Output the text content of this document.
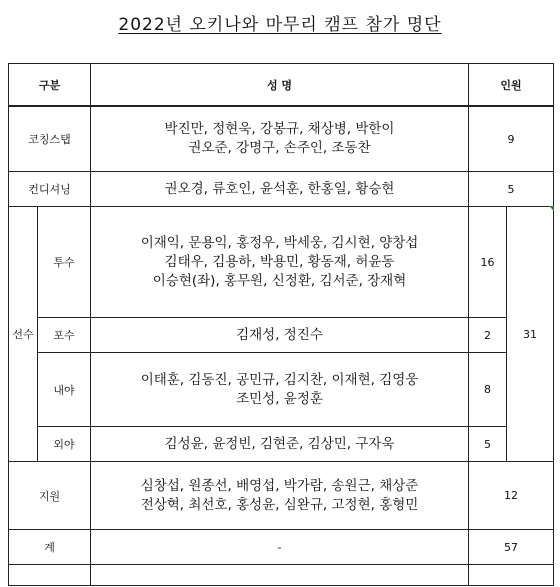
2022년 오키나와 마무리 캠프 참가 명단
구분		성 명	인원	
코칭스탭		박진만, 정현욱, 강봉규, 채상병, 박한이
권오준, 강명구, 손주인, 조동찬	9	
컨디셔닝		권오경, 류호인, 윤석훈, 한홍일, 황승현	5	
선수	투수	이재익, 문용익, 홍정우, 박세웅, 김시현, 양창섭
김태우, 김용하, 박용민, 황동재, 허윤동
이승현(좌), 홍무원, 신정환, 김서준, 장재혁	16	31
	포수	김재성, 정진수	2	
	내야	이태훈, 김동진, 공민규, 김지찬, 이재현, 김영웅
조민성, 윤정훈	8	
	외야	김성윤, 윤정빈, 김현준, 김상민, 구자욱	5	
지원		심창섭, 원종선, 배영섭, 박가람, 송원근, 채상준
전상혁, 최선호, 홍성윤, 심완규, 고정현, 홍형민	12	
계		-	57	
